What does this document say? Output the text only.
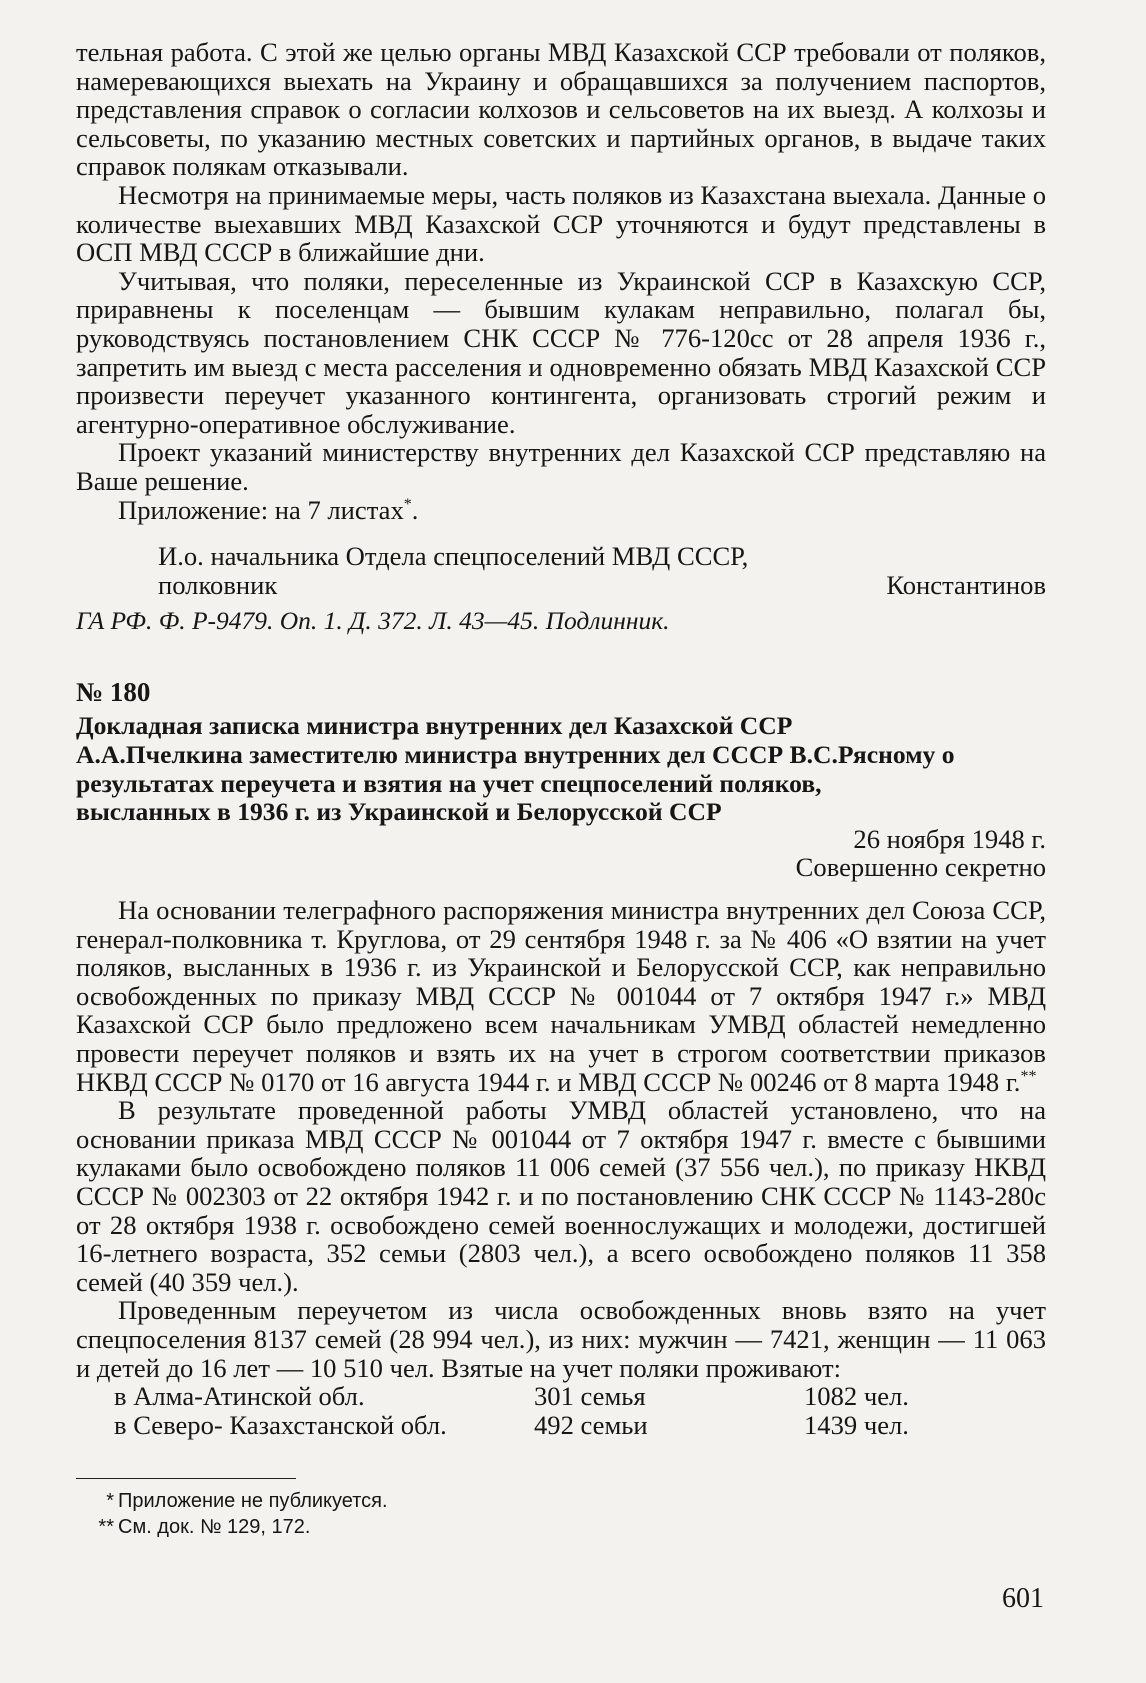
тельная работа. С этой же целью органы МВД Казахской ССР требовали от поляков, намеревающихся выехать на Украину и обращавшихся за получением паспортов, представления справок о согласии колхозов и сельсоветов на их выезд. А колхозы и сельсоветы, по указанию местных советских и партийных органов, в выдаче таких справок полякам отказывали.

Несмотря на принимаемые меры, часть поляков из Казахстана выехала. Данные о количестве выехавших МВД Казахской ССР уточняются и будут представлены в ОСП МВД СССР в ближайшие дни.

Учитывая, что поляки, переселенные из Украинской ССР в Казахскую ССР, приравнены к поселенцам — бывшим кулакам неправильно, полагал бы, руководствуясь постановлением СНК СССР № 776-120сс от 28 апреля 1936 г., запретить им выезд с места расселения и одновременно обязать МВД Казахской ССР произвести переучет указанного контингента, организовать строгий режим и агентурно-оперативное обслуживание.

Проект указаний министерству внутренних дел Казахской ССР представляю на Ваше решение.

Приложение: на 7 листах*.

И.о. начальника Отдела спецпоселений МВД СССР,

полковник	Константинов

ГА РФ. Ф. Р-9479. Оп. 1. Д. 372. Л. 43—45. Подлинник.

№ 180

Докладная записка министра внутренних дел Казахской ССР А.А.Пчелкина заместителю министра внутренних дел СССР В.С.Рясному о результатах переучета и взятия на учет спецпоселений поляков, высланных в 1936 г. из Украинской и Белорусской ССР

26 ноября 1948 г.

Совершенно секретно

На основании телеграфного распоряжения министра внутренних дел Союза ССР, генерал-полковника т. Круглова, от 29 сентября 1948 г. за № 406 «О взятии на учет поляков, высланных в 1936 г. из Украинской и Белорусской ССР, как неправильно освобожденных по приказу МВД СССР № 001044 от 7 октября 1947 г.» МВД Казахской ССР было предложено всем начальникам УМВД областей немедленно провести переучет поляков и взять их на учет в строгом соответствии приказов НКВД СССР № 0170 от 16 августа 1944 г. и МВД СССР № 00246 от 8 марта 1948 г.**

В результате проведенной работы УМВД областей установлено, что на основании приказа МВД СССР № 001044 от 7 октября 1947 г. вместе с бывшими кулаками было освобождено поляков 11 006 семей (37 556 чел.), по приказу НКВД СССР № 002303 от 22 октября 1942 г. и по постановлению СНК СССР № 1143-280с от 28 октября 1938 г. освобождено семей военнослужащих и молодежи, достигшей 16-летнего возраста, 352 семьи (2803 чел.), а всего освобождено поляков 11 358 семей (40 359 чел.).

Проведенным переучетом из числа освобожденных вновь взято на учет спецпоселения 8137 семей (28 994 чел.), из них: мужчин — 7421, женщин — 11 063 и детей до 16 лет — 10 510 чел. Взятые на учет поляки проживают:

в Алма-Атинской обл.	301 семья	1082 чел.
в Северо- Казахстанской обл.	492 семьи	1439 чел.
* Приложение не публикуется.
** См. док. № 129, 172.
601
